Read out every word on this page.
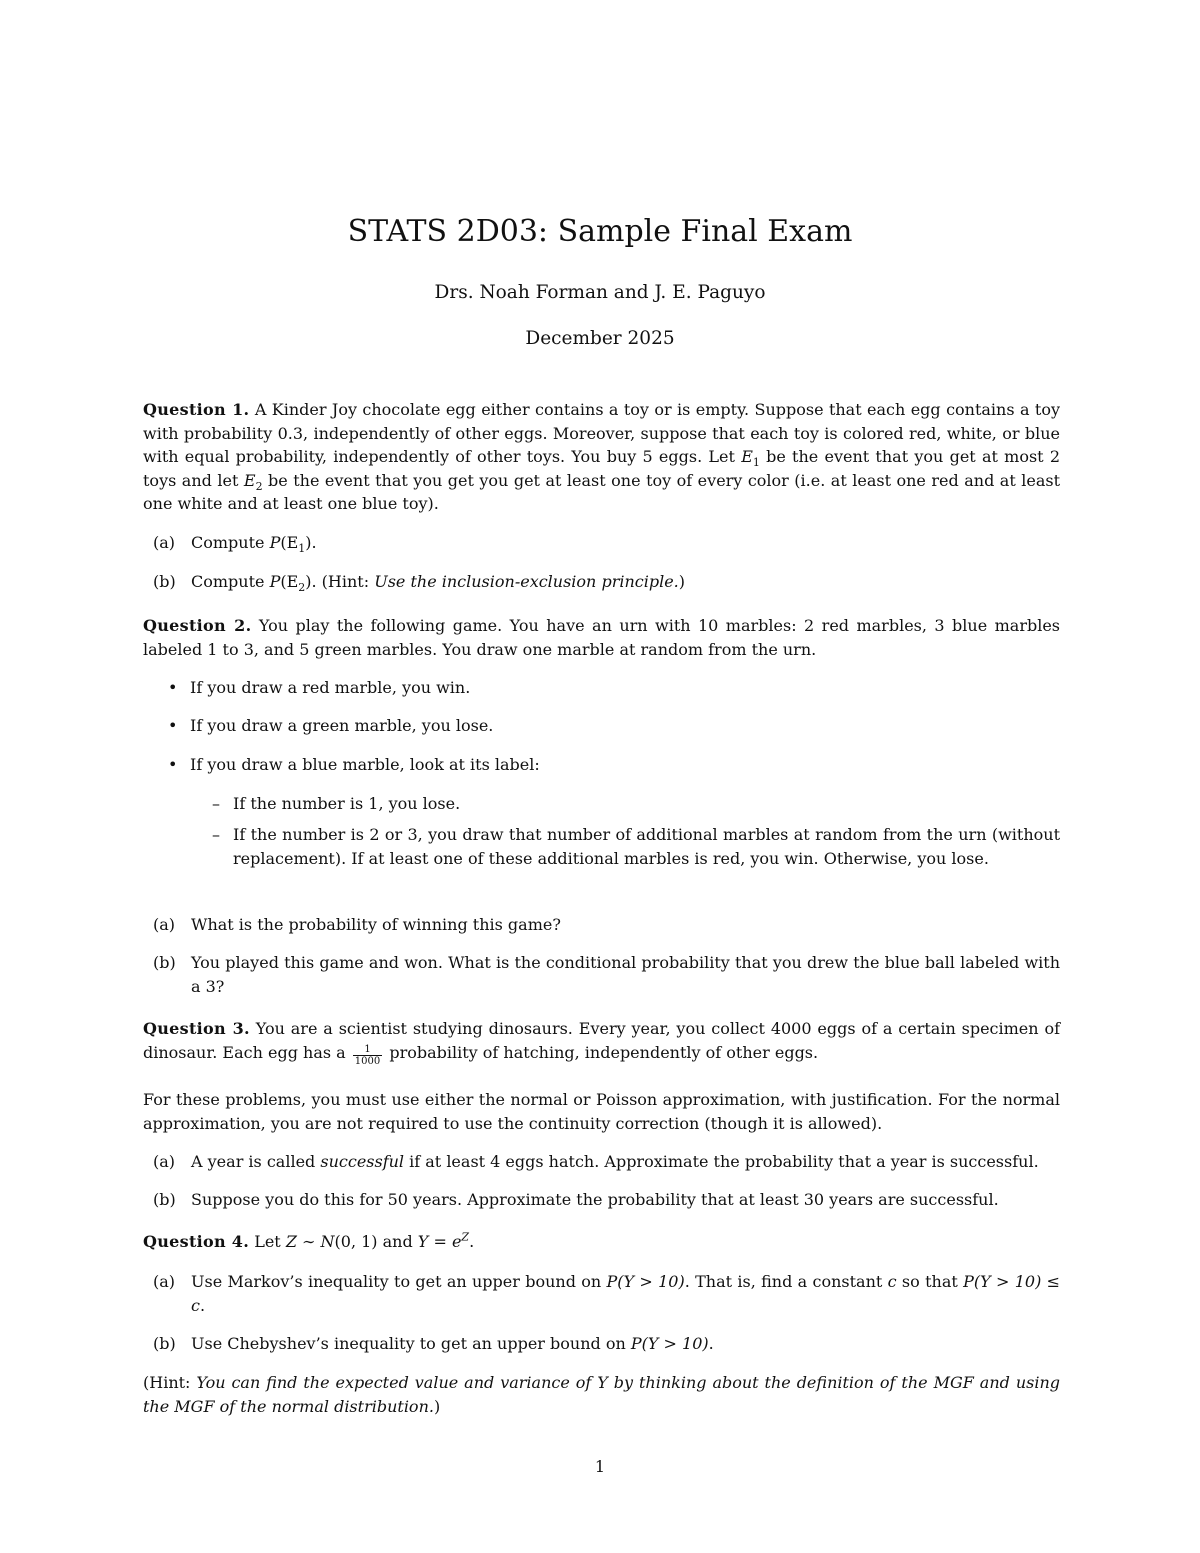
STATS 2D03: Sample Final Exam
Drs. Noah Forman and J. E. Paguyo
December 2025
Question 1. A Kinder Joy chocolate egg either contains a toy or is empty. Suppose that each egg contains a toy with probability 0.3, independently of other eggs. Moreover, suppose that each toy is colored red, white, or blue with equal probability, independently of other toys. You buy 5 eggs. Let $E_1$ be the event that you get at most 2 toys and let $E_2$ be the event that you get you get at least one toy of every color (i.e. at least one red and at least one white and at least one blue toy).
(a) Compute $P(E_1)$.
(b) Compute $P(E_2)$. (Hint: Use the inclusion-exclusion principle.)
Question 2. You play the following game. You have an urn with 10 marbles: 2 red marbles, 3 blue marbles labeled 1 to 3, and 5 green marbles. You draw one marble at random from the urn.
• If you draw a red marble, you win.
• If you draw a green marble, you lose.
• If you draw a blue marble, look at its label:
– If the number is 1, you lose.
– If the number is 2 or 3, you draw that number of additional marbles at random from the urn (without replacement). If at least one of these additional marbles is red, you win. Otherwise, you lose.
(a) What is the probability of winning this game?
(b) You played this game and won. What is the conditional probability that you drew the blue ball labeled with a 3?
Question 3. You are a scientist studying dinosaurs. Every year, you collect 4000 eggs of a certain specimen of dinosaur. Each egg has a $\frac{1}{1000}$ probability of hatching, independently of other eggs.
For these problems, you must use either the normal or Poisson approximation, with justification. For the normal approximation, you are not required to use the continuity correction (though it is allowed).
(a) A year is called successful if at least 4 eggs hatch. Approximate the probability that a year is successful.
(b) Suppose you do this for 50 years. Approximate the probability that at least 30 years are successful.
Question 4. Let Z ∼ N(0, 1) and $Y = e^Z$.
(a) Use Markov’s inequality to get an upper bound on P(Y > 10). That is, find a constant c so that P(Y > 10) ≤ c.
(b) Use Chebyshev’s inequality to get an upper bound on P(Y > 10).
(Hint: You can find the expected value and variance of Y by thinking about the definition of the MGF and using the MGF of the normal distribution.)
1
